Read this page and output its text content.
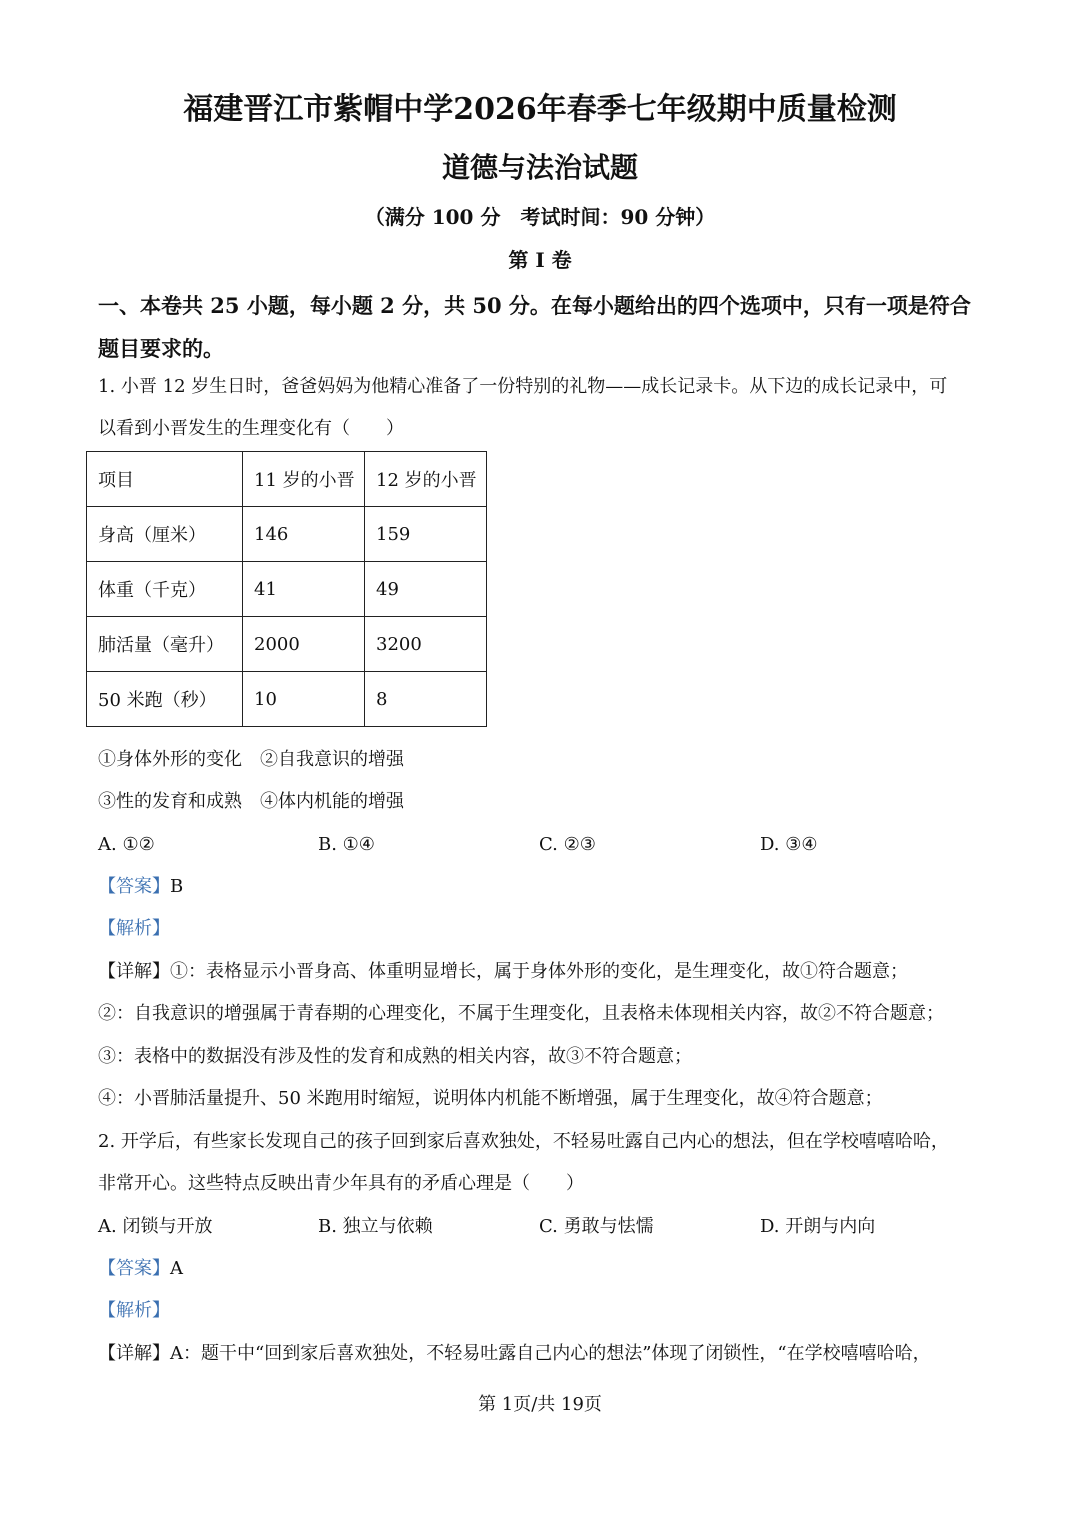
福建晋江市紫帽中学2026年春季七年级期中质量检测
道德与法治试题
（满分 100 分　考试时间：90 分钟）
第 I 卷
一、本卷共 25 小题，每小题 2 分，共 50 分。在每小题给出的四个选项中，只有一项是符合
题目要求的。
1. 小晋 12 岁生日时，爸爸妈妈为他精心准备了一份特别的礼物——成长记录卡。从下边的成长记录中，可
以看到小晋发生的生理变化有（　　）
项目	11 岁的小晋	12 岁的小晋
身高（厘米）	146	159
体重（千克）	41	49
肺活量（毫升）	2000	3200
50 米跑（秒）	10	8
①身体外形的变化　②自我意识的增强
③性的发育和成熟　④体内机能的增强
A. ①②	B. ①④	C. ②③	D. ③④
【答案】B
【解析】
【详解】①：表格显示小晋身高、体重明显增长，属于身体外形的变化，是生理变化，故①符合题意；
②：自我意识的增强属于青春期的心理变化，不属于生理变化，且表格未体现相关内容，故②不符合题意；
③：表格中的数据没有涉及性的发育和成熟的相关内容，故③不符合题意；
④：小晋肺活量提升、50 米跑用时缩短，说明体内机能不断增强，属于生理变化，故④符合题意；
2. 开学后，有些家长发现自己的孩子回到家后喜欢独处，不轻易吐露自己内心的想法，但在学校嘻嘻哈哈，
非常开心。这些特点反映出青少年具有的矛盾心理是（　　）
A. 闭锁与开放	B. 独立与依赖	C. 勇敢与怯懦	D. 开朗与内向
【答案】A
【解析】
【详解】A：题干中“回到家后喜欢独处，不轻易吐露自己内心的想法”体现了闭锁性，“在学校嘻嘻哈哈，
第 1页/共 19页
